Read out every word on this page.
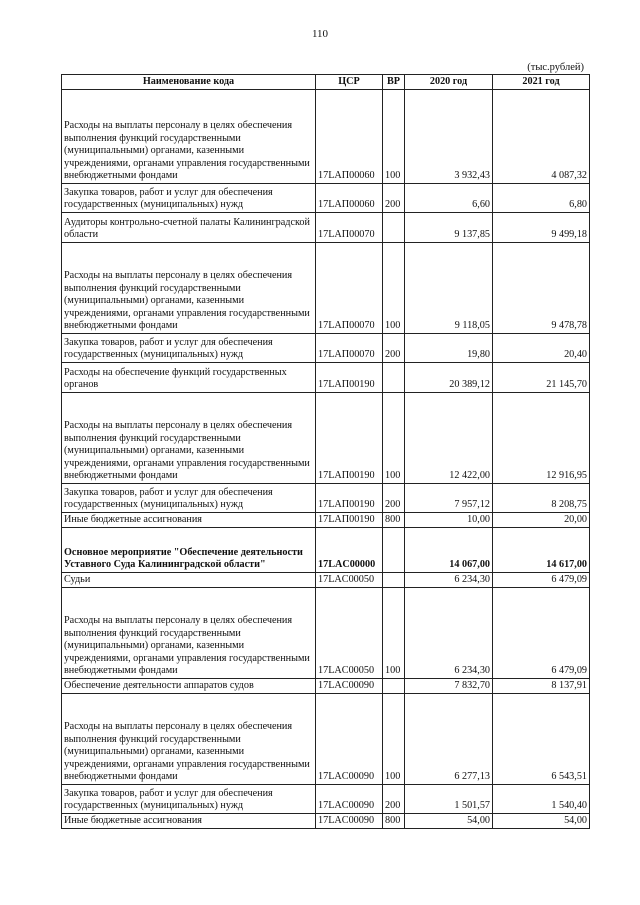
110
(тыс.рублей)
Наименование кода	ЦСР	ВР	2020 год	2021 год
Расходы на выплаты персоналу в целях обеспечения выполнения функций государственными (муниципальными) органами, казенными учреждениями, органами управления государственными внебюджетными фондами	17LAП00060	100	3 932,43	4 087,32
Закупка товаров, работ и услуг для обеспечения государственных (муниципальных) нужд	17LAП00060	200	6,60	6,80
Аудиторы контрольно-счетной палаты Калининградской области	17LAП00070		9 137,85	9 499,18
Расходы на выплаты персоналу в целях обеспечения выполнения функций государственными (муниципальными) органами, казенными учреждениями, органами управления государственными внебюджетными фондами	17LAП00070	100	9 118,05	9 478,78
Закупка товаров, работ и услуг для обеспечения государственных (муниципальных) нужд	17LAП00070	200	19,80	20,40
Расходы на обеспечение функций государственных органов	17LAП00190		20 389,12	21 145,70
Расходы на выплаты персоналу в целях обеспечения выполнения функций государственными (муниципальными) органами, казенными учреждениями, органами управления государственными внебюджетными фондами	17LAП00190	100	12 422,00	12 916,95
Закупка товаров, работ и услуг для обеспечения государственных (муниципальных) нужд	17LAП00190	200	7 957,12	8 208,75
Иные бюджетные ассигнования	17LAП00190	800	10,00	20,00
Основное мероприятие "Обеспечение деятельности Уставного Суда Калининградской области"	17LAC00000		14 067,00	14 617,00
Судьи	17LAC00050		6 234,30	6 479,09
Расходы на выплаты персоналу в целях обеспечения выполнения функций государственными (муниципальными) органами, казенными учреждениями, органами управления государственными внебюджетными фондами	17LAC00050	100	6 234,30	6 479,09
Обеспечение деятельности аппаратов судов	17LAC00090		7 832,70	8 137,91
Расходы на выплаты персоналу в целях обеспечения выполнения функций государственными (муниципальными) органами, казенными учреждениями, органами управления государственными внебюджетными фондами	17LAC00090	100	6 277,13	6 543,51
Закупка товаров, работ и услуг для обеспечения государственных (муниципальных) нужд	17LAC00090	200	1 501,57	1 540,40
Иные бюджетные ассигнования	17LAC00090	800	54,00	54,00
